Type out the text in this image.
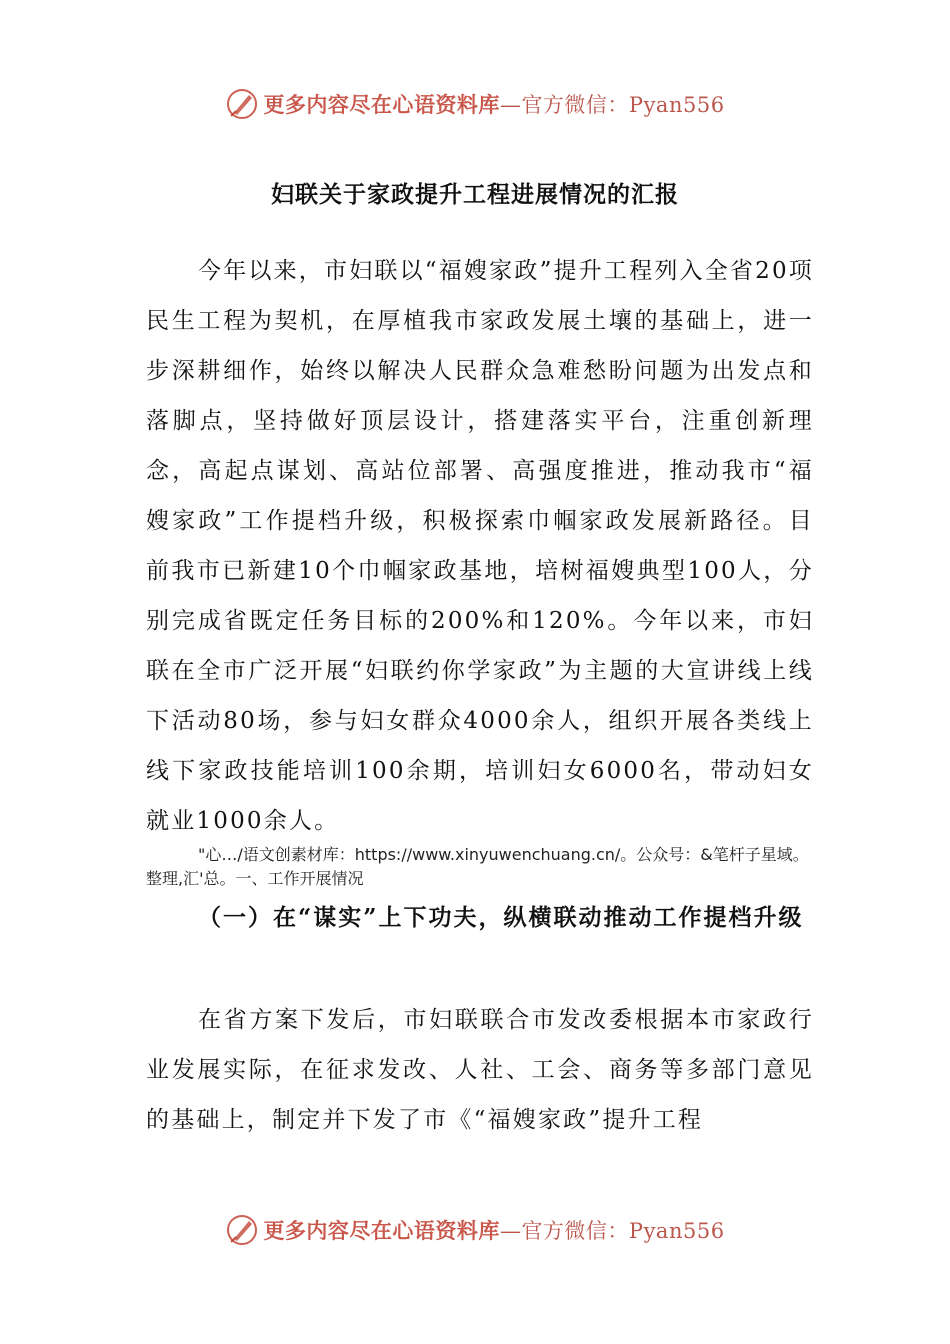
更多内容尽在心语资料库—官方微信：Pyan556
妇联关于家政提升工程进展情况的汇报

今年以来，市妇联以“福嫂家政”提升工程列入全省20项民生工程为契机，在厚植我市家政发展土壤的基础上，进一步深耕细作，始终以解决人民群众急难愁盼问题为出发点和落脚点，坚持做好顶层设计，搭建落实平台，注重创新理念，高起点谋划、高站位部署、高强度推进，推动我市“福嫂家政”工作提档升级，积极探索巾帼家政发展新路径。目前我市已新建10个巾帼家政基地，培树福嫂典型100人，分别完成省既定任务目标的200%和120%。今年以来，市妇联在全市广泛开展“妇联约你学家政”为主题的大宣讲线上线下活动80场，参与妇女群众4000余人，组织开展各类线上线下家政技能培训100余期，培训妇女6000名，带动妇女就业1000余人。

"心…/语文创素材库：https://www.xinyuwenchuang.cn/。公众号：&笔杆子星域。整理,汇'总。一、工作开展情况

（一）在“谋实”上下功夫，纵横联动推动工作提档升级

在省方案下发后，市妇联联合市发改委根据本市家政行业发展实际，在征求发改、人社、工会、商务等多部门意见的基础上，制定并下发了市《“福嫂家政”提升工程

更多内容尽在心语资料库—官方微信：Pyan556
